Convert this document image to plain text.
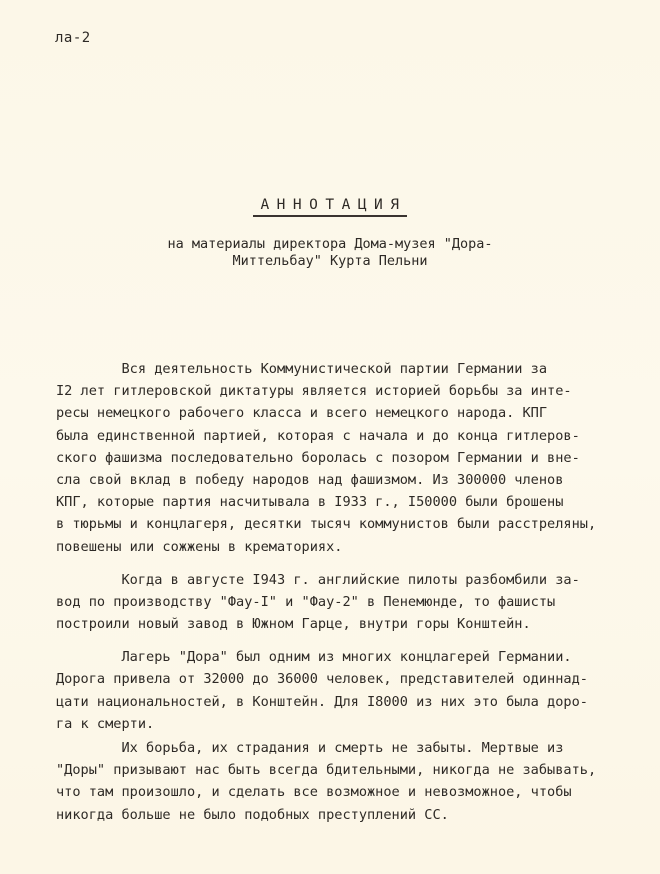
ла-2
АННОТАЦИЯ
на материалы директора Дома-музея "Дора-
Миттельбау" Курта Пельни
Вся деятельность Коммунистической партии Германии за
I2 лет гитлеровской диктатуры является историей борьбы за инте-
ресы немецкого рабочего класса и всего немецкого народа. КПГ
была единственной партией, которая с начала и до конца гитлеров-
ского фашизма последовательно боролась с позором Германии и вне-
сла свой вклад в победу народов над фашизмом. Из 300000 членов
КПГ, которые партия насчитывала в I933 г., I50000 были брошены
в тюрьмы и концлагеря, десятки тысяч коммунистов были расстреляны,
повешены или сожжены в крематориях.
Когда в августе I943 г. английские пилоты разбомбили за-
вод по производству "Фау-I" и "Фау-2" в Пенемюнде, то фашисты
построили новый завод в Южном Гарце, внутри горы Конштейн.
Лагерь "Дора" был одним из многих концлагерей Германии.
Дорога привела от 32000 до 36000 человек, представителей одиннад-
цати национальностей, в Конштейн. Для I8000 из них это была доро-
га к смерти.
Их борьба, их страдания и смерть не забыты. Мертвые из
"Доры" призывают нас быть всегда бдительными, никогда не забывать,
что там произошло, и сделать все возможное и невозможное, чтобы
никогда больше не было подобных преступлений СС.
